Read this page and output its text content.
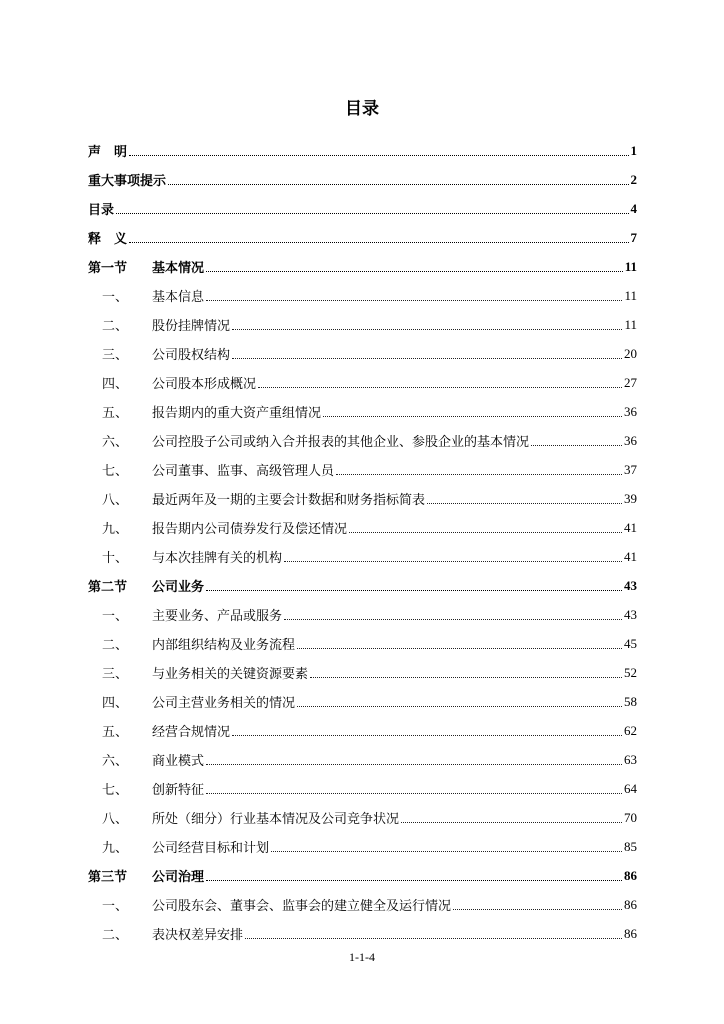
目录
声　明	1
重大事项提示	2
目录	4
释　义	7
第一节	基本情况	11
一、	基本信息	11
二、	股份挂牌情况	11
三、	公司股权结构	20
四、	公司股本形成概况	27
五、	报告期内的重大资产重组情况	36
六、	公司控股子公司或纳入合并报表的其他企业、参股企业的基本情况	36
七、	公司董事、监事、高级管理人员	37
八、	最近两年及一期的主要会计数据和财务指标简表	39
九、	报告期内公司债券发行及偿还情况	41
十、	与本次挂牌有关的机构	41
第二节	公司业务	43
一、	主要业务、产品或服务	43
二、	内部组织结构及业务流程	45
三、	与业务相关的关键资源要素	52
四、	公司主营业务相关的情况	58
五、	经营合规情况	62
六、	商业模式	63
七、	创新特征	64
八、	所处（细分）行业基本情况及公司竞争状况	70
九、	公司经营目标和计划	85
第三节	公司治理	86
一、	公司股东会、董事会、监事会的建立健全及运行情况	86
二、	表决权差异安排	86
1-1-4
